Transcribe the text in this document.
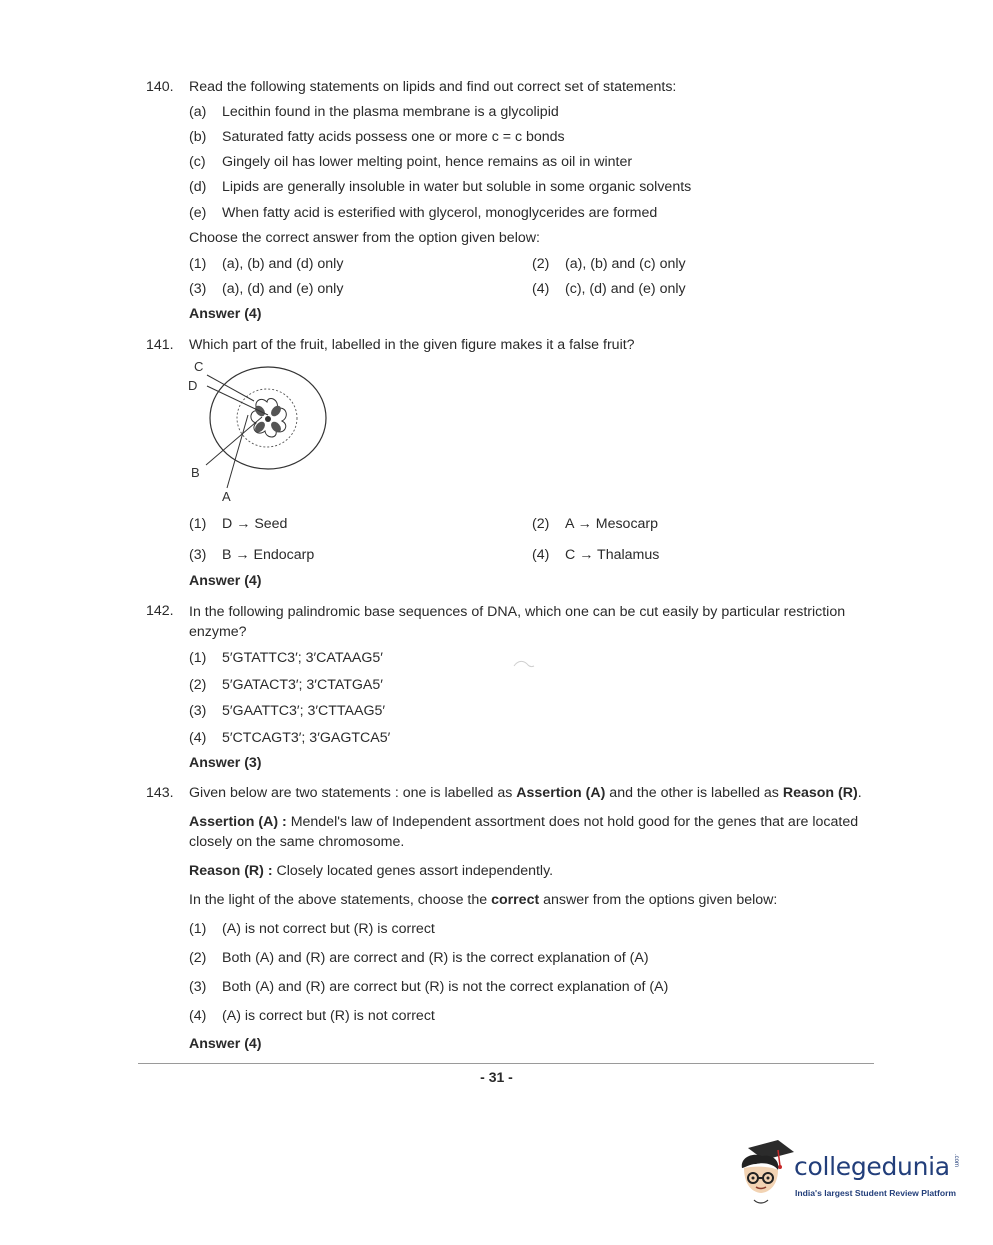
140.	Read the following statements on lipids and find out correct set of statements:
(a) Lecithin found in the plasma membrane is a glycolipid
(b) Saturated fatty acids possess one or more c = c bonds
(c) Gingely oil has lower melting point, hence remains as oil in winter
(d) Lipids are generally insoluble in water but soluble in some organic solvents
(e) When fatty acid is esterified with glycerol, monoglycerides are formed
Choose the correct answer from the option given below:
(1) (a), (b) and (d) only	(2) (a), (b) and (c) only
(3) (a), (d) and (e) only	(4) (c), (d) and (e) only
Answer (4)
141.	Which part of the fruit, labelled in the given figure makes it a false fruit?
C
D
B
A
(1) D → Seed	(2) A → Mesocarp
(3) B → Endocarp	(4) C → Thalamus
Answer (4)
142.	In the following palindromic base sequences of DNA, which one can be cut easily by particular restriction enzyme?
(1) 5′GTATTC3′; 3′CATAAG5′
(2) 5′GATACT3′; 3′CTATGA5′
(3) 5′GAATTC3′; 3′CTTAAG5′
(4) 5′CTCAGT3′; 3′GAGTCA5′
Answer (3)
143.	Given below are two statements : one is labelled as Assertion (A) and the other is labelled as Reason (R).
Assertion (A) : Mendel's law of Independent assortment does not hold good for the genes that are located closely on the same chromosome.
Reason (R) : Closely located genes assort independently.
In the light of the above statements, choose the correct answer from the options given below:
(1) (A) is not correct but (R) is correct
(2) Both (A) and (R) are correct and (R) is the correct explanation of (A)
(3) Both (A) and (R) are correct but (R) is not the correct explanation of (A)
(4) (A) is correct but (R) is not correct
Answer (4)
- 31 -
collegedunia .com
India's largest Student Review Platform
